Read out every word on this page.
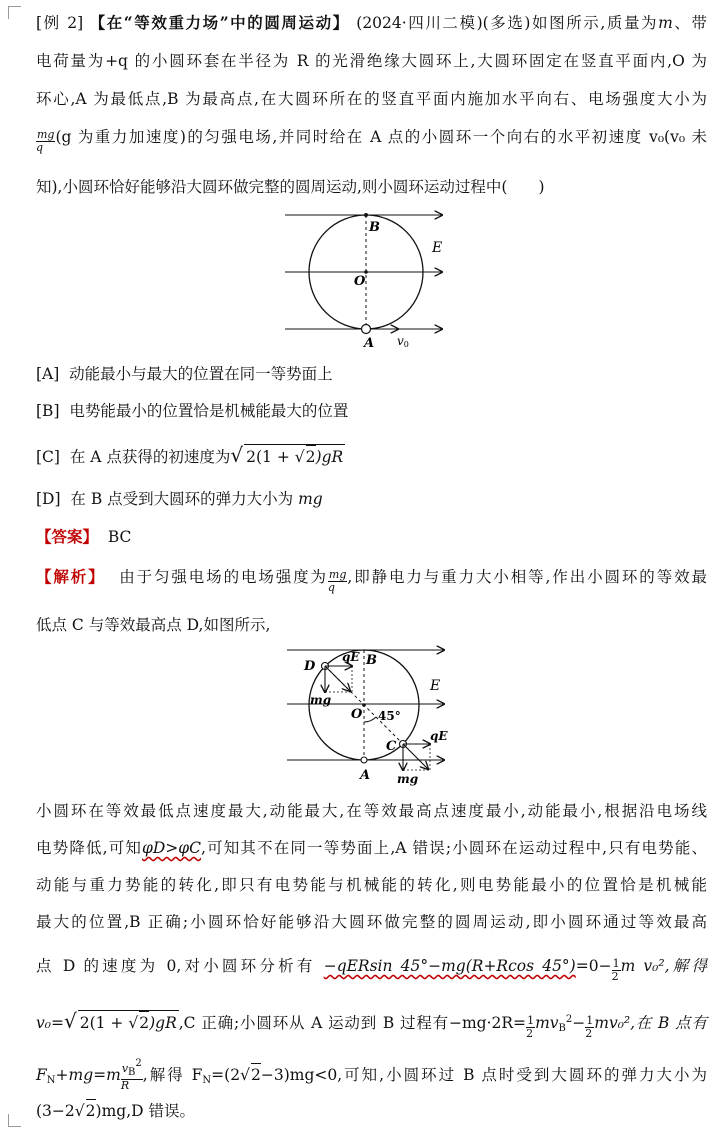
[例 2] 【在“等效重力场”中的圆周运动】 (2024·四川二模)(多选)如图所示,质量为m、带
电荷量为+q 的小圆环套在半径为 R 的光滑绝缘大圆环上,大圆环固定在竖直平面内,O 为
环心,A 为最低点,B 为最高点,在大圆环所在的竖直平面内施加水平向右、电场强度大小为
$\frac{mg}{q} (g$ 为重力加速度)的匀强电场,并同时给在 A 点的小圆环一个向右的水平初速度 v₀(v₀ 未
知),小圆环恰好能够沿大圆环做完整的圆周运动,则小圆环运动过程中(　　)
B
O
A
E
v0
[A] 动能最小与最大的位置在同一等势面上
[B] 电势能最小的位置恰是机械能最大的位置
[C] 在 A 点获得的初速度为√ 2(1 + √2)gR
[D] 在 B 点受到大圆环的弹力大小为 mg
【答案】 BC
【解析】 由于匀强电场的电场强度为 $\frac{mg}{q}$ ,即静电力与重力大小相等,作出小圆环的等效最
低点 C 与等效最高点 D,如图所示,
D
qE B
E
mg
O 45°
C
qE
A mg
小圆环在等效最低点速度最大,动能最大,在等效最高点速度最小,动能最小,根据沿电场线
电势降低,可知φD>φC,可知其不在同一等势面上,A 错误;小圆环在运动过程中,只有电势能、
动能与重力势能的转化,即只有电势能与机械能的转化,则电势能最小的位置恰是机械能
最大的位置,B 正确;小圆环恰好能够沿大圆环做完整的圆周运动,即小圆环通过等效最高
点 D 的速度为 0,对小圆环分析有 −qERsin 45°−mg(R+Rcos $45^\circ)=0- \frac{1}{2}$ m v₀²,解得
v₀=√ 2(1 + √2)gR ,C 正确;小圆环从 A 运动到 B 过程有$-mg\cdot 2R= \frac{1}{2} mv_B^2- \frac{1}{2} mv_0^2$,在 B 点有
$F_N+mg=m \frac{v_B^2}{R}$ ,解得 $F_N=(2√2-3)mg<0$,可知,小圆环过 B 点时受到大圆环的弹力大小为
(3−2√2)mg,D 错误。
